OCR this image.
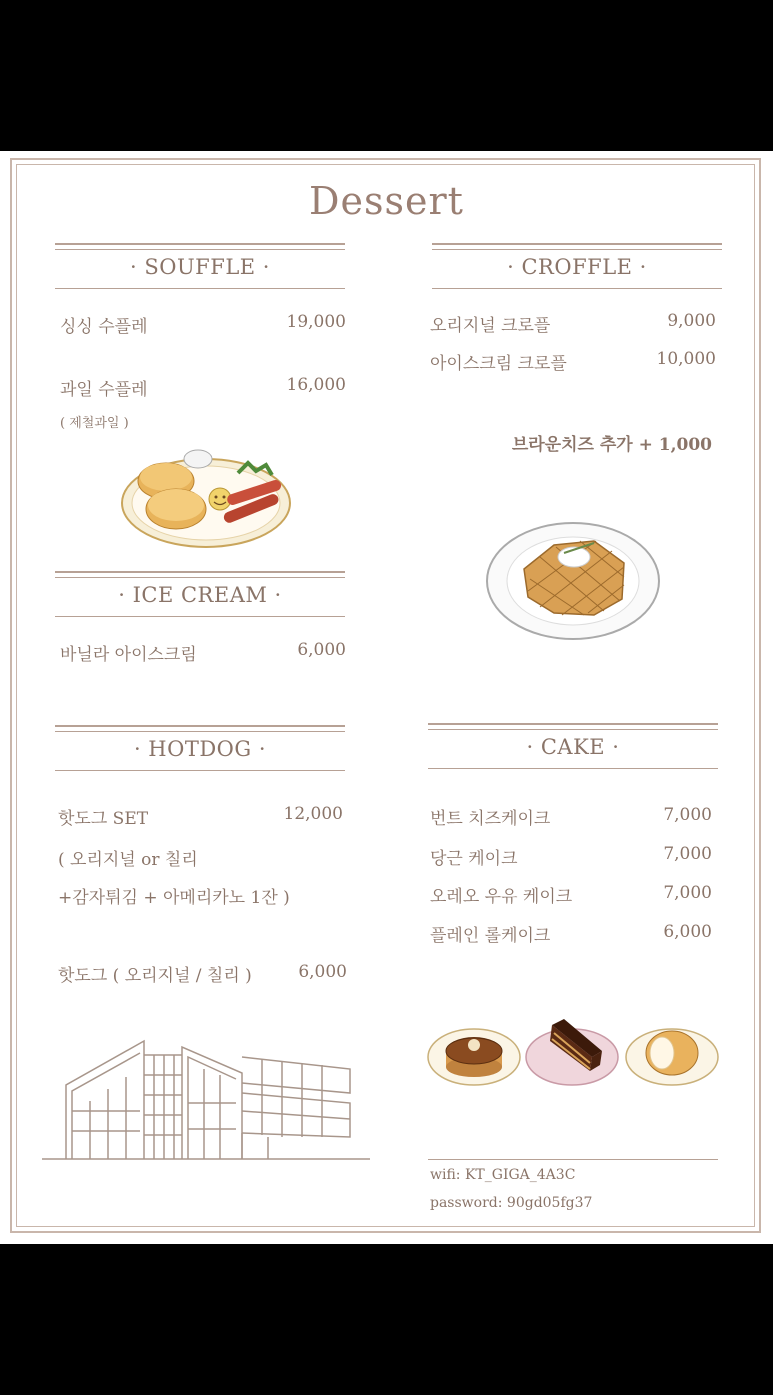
Dessert
· SOUFFLE ·
싱싱 수플레	19,000
과일 수플레	16,000
( 제철과일 )
· ICE CREAM ·
바닐라 아이스크림	6,000
· HOTDOG ·
핫도그 SET	12,000
( 오리지널 or 칠리
+감자튀김 + 아메리카노 1잔 )
핫도그 ( 오리지널 / 칠리 )	6,000
· CROFFLE ·
오리지널 크로플	9,000
아이스크림 크로플	10,000
브라운치즈 추가 + 1,000
· CAKE ·
번트 치즈케이크	7,000
당근 케이크	7,000
오레오 우유 케이크	7,000
플레인 롤케이크	6,000
wifi: KT_GIGA_4A3C
password: 90gd05fg37
